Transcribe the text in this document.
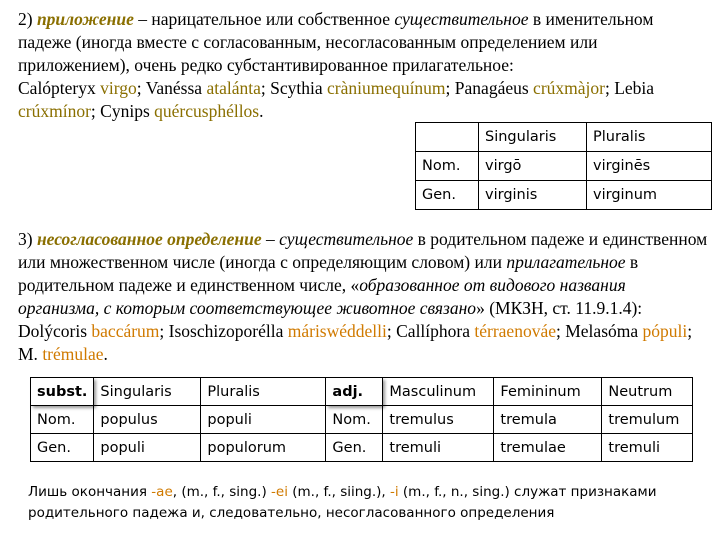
2) приложение – нарицательное или собственное существительное в именительном падеже (иногда вместе с согласованным, несогласованным определением или приложением), очень редко субстантивированное прилагательное:
Calópteryx virgo; Vanéssa atalánta; Scythia cràniumequínum; Panagáeus crúxmàjor; Lebia crúxmínor; Cynips quércusphéllos.
	Singularis	Pluralis
Nom.	virgō	virginēs
Gen.	virginis	virginum
3) несогласованное определение – существительное в родительном падеже и единственном или множественном числе (иногда с определяющим словом) или прилагательное в родительном падеже и единственном числе, «образованное от видового названия организма, с которым соответствующее животное связано» (МКЗН, ст. 11.9.1.4): Dolýcoris baccárum; Isoschizoporélla máriswéddelli; Callíphora térraenováe; Melasóma pópuli; M. trémulae.
subst.	Singularis	Pluralis	adj.	Masculinum	Femininum	Neutrum
Nom.	populus	populi	Nom.	tremulus	tremula	tremulum
Gen.	populi	populorum	Gen.	tremuli	tremulae	tremuli
Лишь окончания -ae, (m., f., sing.) -ei (m., f., siing.), -i (m., f., n., sing.) служат признаками родительного падежа и, следовательно, несогласованного определения
